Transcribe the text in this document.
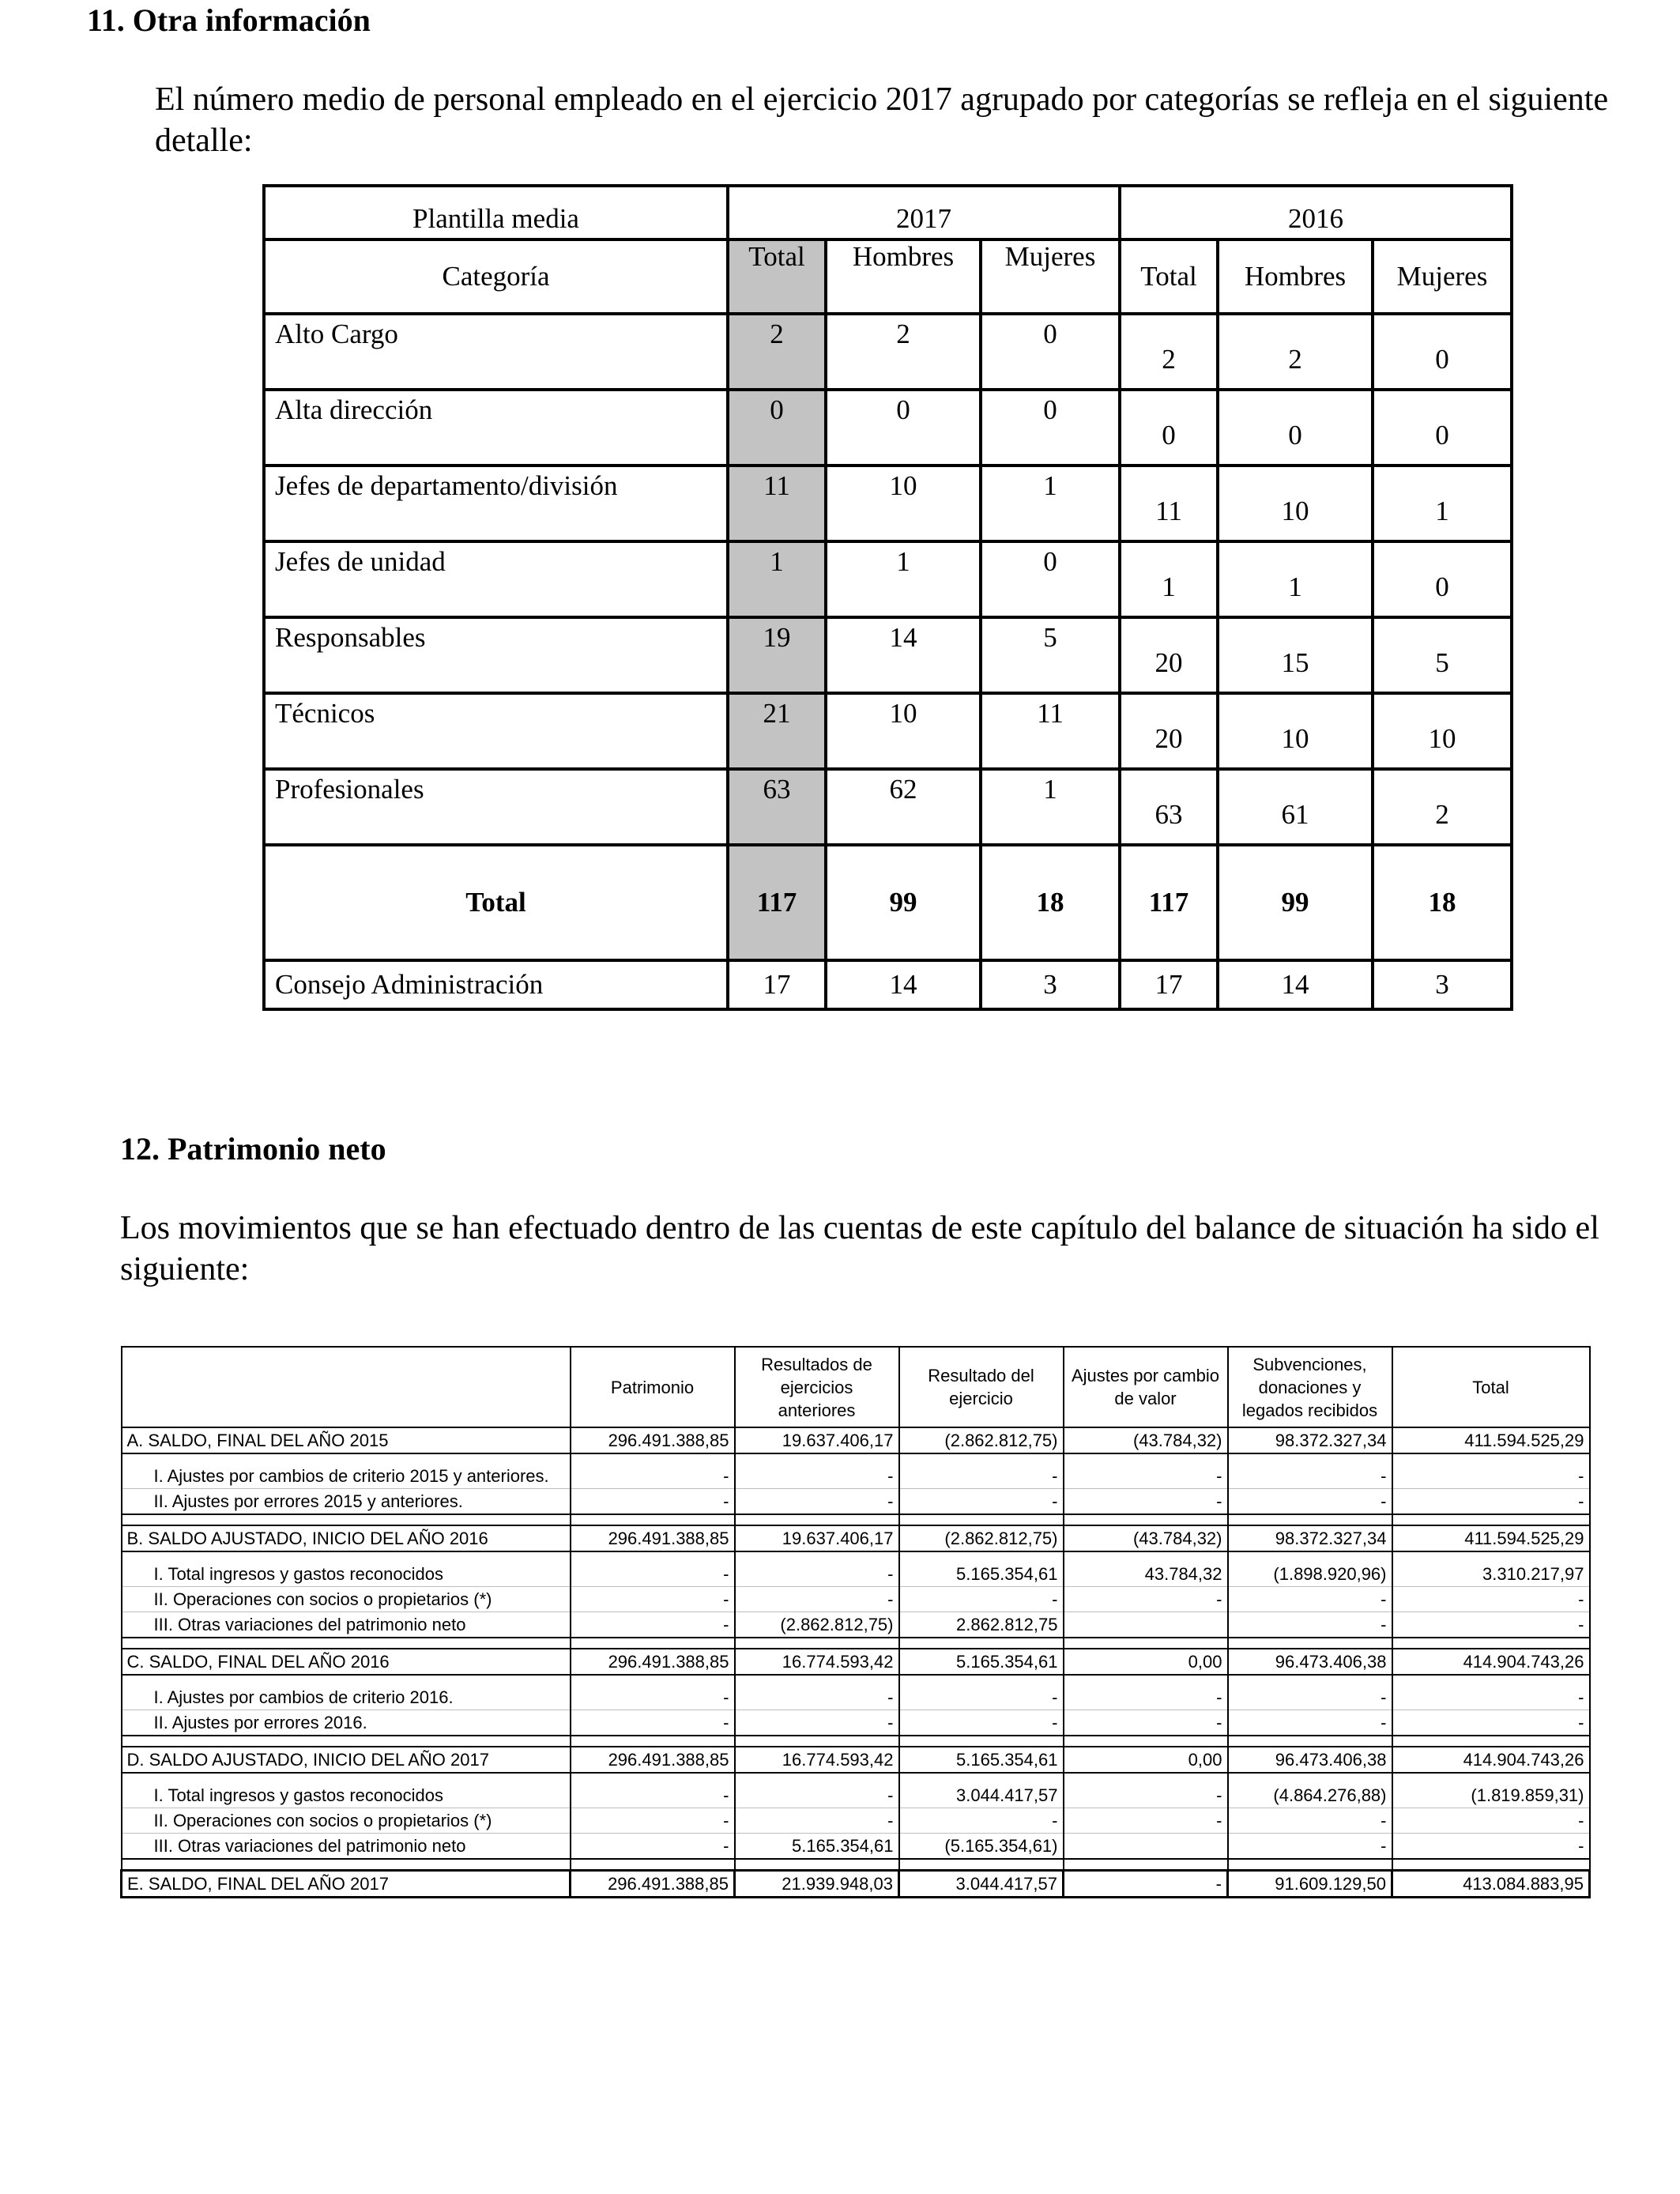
11. Otra información
El número medio de personal empleado en el ejercicio 2017 agrupado por categorías se refleja en el siguiente detalle:
Plantilla media	2017			2016		
Categoría	Total	Hombres	Mujeres	Total	Hombres	Mujeres
Alto Cargo	2	2	0	2	2	0
Alta dirección	0	0	0	0	0	0
Jefes de departamento/división	11	10	1	11	10	1
Jefes de unidad	1	1	0	1	1	0
Responsables	19	14	5	20	15	5
Técnicos	21	10	11	20	10	10
Profesionales	63	62	1	63	61	2
Total	117	99	18	117	99	18
Consejo Administración	17	14	3	17	14	3
12. Patrimonio neto
Los movimientos que se han efectuado dentro de las cuentas de este capítulo del balance de situación ha sido el siguiente:
	Patrimonio	Resultados de ejercicios anteriores	Resultado del ejercicio	Ajustes por cambio de valor	Subvenciones, donaciones y legados recibidos	Total
A. SALDO, FINAL DEL AÑO 2015	296.491.388,85	19.637.406,17	(2.862.812,75)	(43.784,32)	98.372.327,34	411.594.525,29

I. Ajustes por cambios de criterio 2015 y anteriores.	-	-	-	-	-	-
II. Ajustes por errores 2015 y anteriores.	-	-	-	-	-	-

B. SALDO AJUSTADO, INICIO DEL AÑO 2016	296.491.388,85	19.637.406,17	(2.862.812,75)	(43.784,32)	98.372.327,34	411.594.525,29

I. Total ingresos y gastos reconocidos	-	-	5.165.354,61	43.784,32	(1.898.920,96)	3.310.217,97
II. Operaciones con socios o propietarios (*)	-	-	-	-	-	-
III. Otras variaciones del patrimonio neto	-	(2.862.812,75)	2.862.812,75		-	-

C. SALDO, FINAL DEL AÑO 2016	296.491.388,85	16.774.593,42	5.165.354,61	0,00	96.473.406,38	414.904.743,26

I. Ajustes por cambios de criterio 2016.	-	-	-	-	-	-
II. Ajustes por errores 2016.	-	-	-	-	-	-

D. SALDO AJUSTADO, INICIO DEL AÑO 2017	296.491.388,85	16.774.593,42	5.165.354,61	0,00	96.473.406,38	414.904.743,26

I. Total ingresos y gastos reconocidos	-	-	3.044.417,57	-	(4.864.276,88)	(1.819.859,31)
II. Operaciones con socios o propietarios (*)	-	-	-	-	-	-
III. Otras variaciones del patrimonio neto	-	5.165.354,61	(5.165.354,61)		-	-

E. SALDO, FINAL DEL AÑO 2017	296.491.388,85	21.939.948,03	3.044.417,57	-	91.609.129,50	413.084.883,95
